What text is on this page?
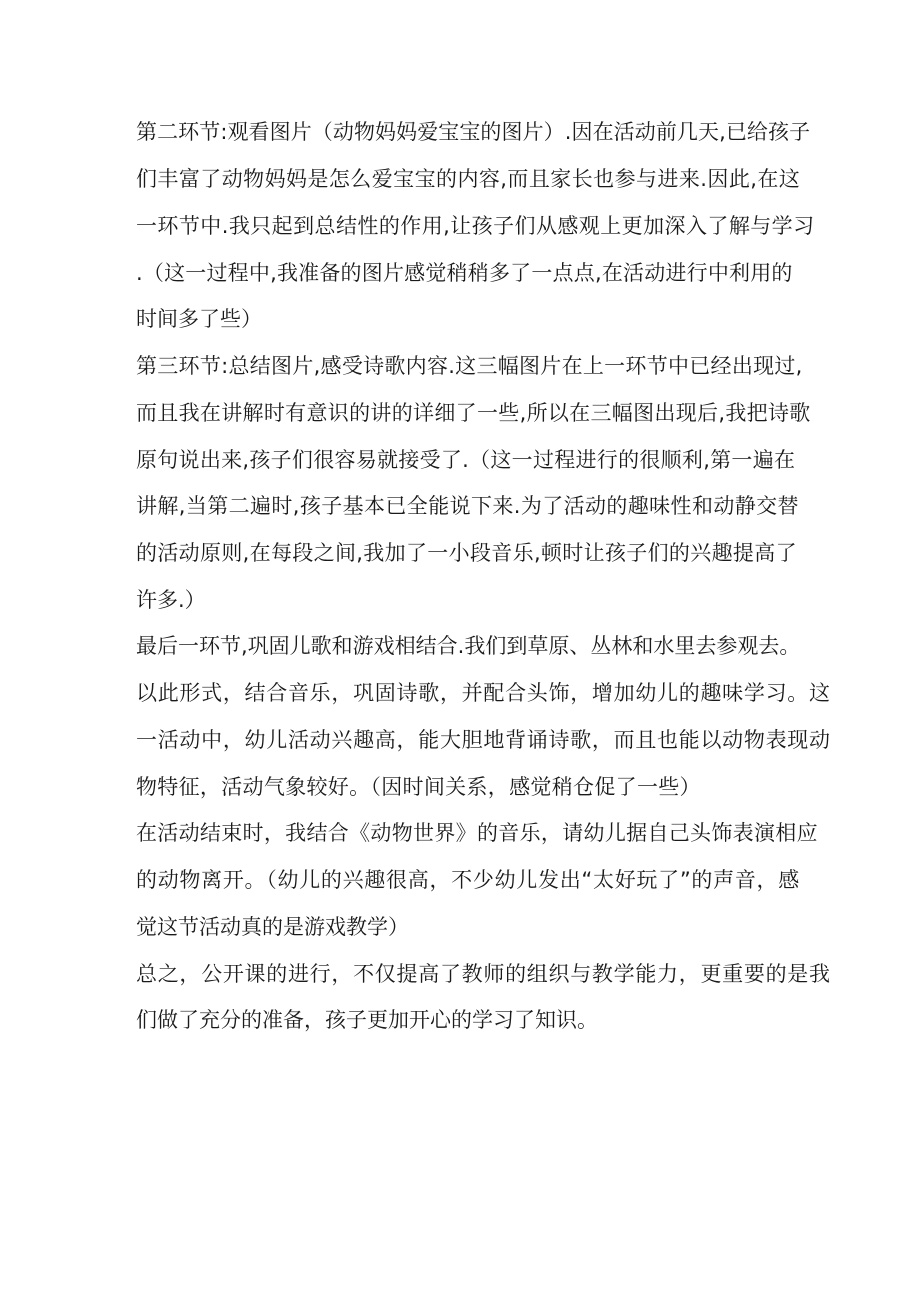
第二环节:观看图片（动物妈妈爱宝宝的图片）.因在活动前几天,已给孩子

们丰富了动物妈妈是怎么爱宝宝的内容,而且家长也参与进来.因此,在这

一环节中.我只起到总结性的作用,让孩子们从感观上更加深入了解与学习

.（这一过程中,我准备的图片感觉稍稍多了一点点,在活动进行中利用的

时间多了些）

第三环节:总结图片,感受诗歌内容.这三幅图片在上一环节中已经出现过,

而且我在讲解时有意识的讲的详细了一些,所以在三幅图出现后,我把诗歌

原句说出来,孩子们很容易就接受了.（这一过程进行的很顺利,第一遍在

讲解,当第二遍时,孩子基本已全能说下来.为了活动的趣味性和动静交替

的活动原则,在每段之间,我加了一小段音乐,顿时让孩子们的兴趣提高了

许多.）

最后一环节,巩固儿歌和游戏相结合.我们到草原、丛林和水里去参观去。

以此形式，结合音乐，巩固诗歌，并配合头饰，增加幼儿的趣味学习。这

一活动中，幼儿活动兴趣高，能大胆地背诵诗歌，而且也能以动物表现动

物特征，活动气象较好。（因时间关系，感觉稍仓促了一些）

在活动结束时，我结合《动物世界》的音乐，请幼儿据自己头饰表演相应

的动物离开。（幼儿的兴趣很高，不少幼儿发出“太好玩了”的声音，感

觉这节活动真的是游戏教学）

总之，公开课的进行，不仅提高了教师的组织与教学能力，更重要的是我

们做了充分的准备，孩子更加开心的学习了知识。
